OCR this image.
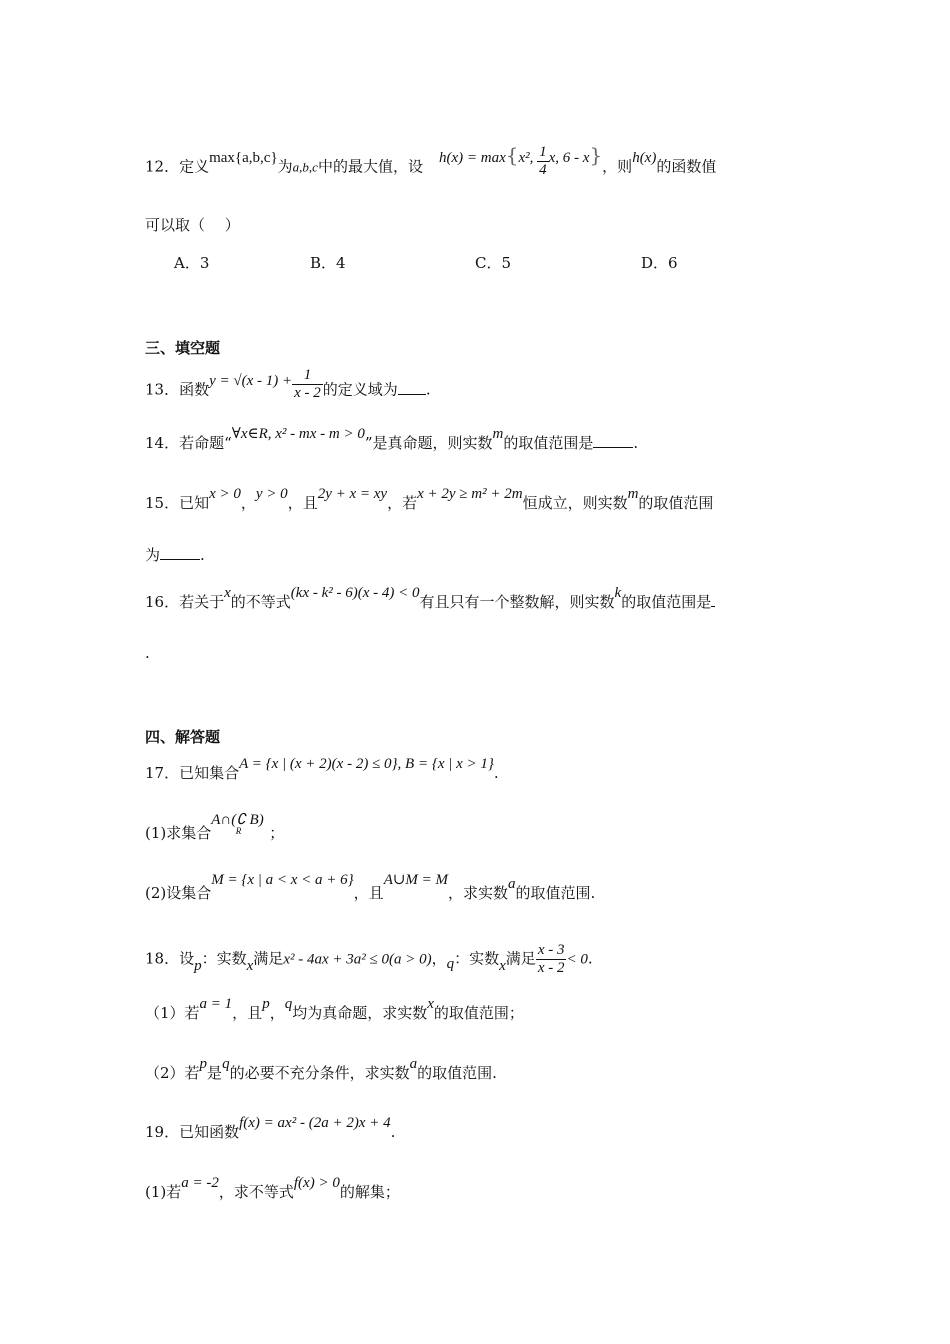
12．定义max{a,b,c}为a,b,c中的最大值，设 h(x) = max{x², $\frac{1}{4} x$, 6 - x}，则h(x)的函数值
可以取（　 ）
A．3	B．4	C．5	D．6
三、填空题
13．函数$y = √(x - 1) + \frac{1}{x - 2}$ 的定义域为 .
14．若命题“∀x∈R, x² - mx - m > 0”是真命题，则实数m的取值范围是	.
15．已知x > 0，y > 0，且2y + x = xy，若x + 2y ≥ m² + 2m恒成立，则实数m的取值范围
为	.
16．若关于x的不等式(kx - k² - 6)(x - 4) < 0有且只有一个整数解，则实数k的取值范围是
.
四、解答题
17．已知集合A = {x | (x + 2)(x - 2) ≤ 0}, B = {x | x > 1}.
(1)求集合A∩(∁ B)$^R$ ；
(2)设集合M = {x | a < x < a + 6}，且A∪M = M，求实数a的取值范围.
18．设p：实数x满足x² - 4ax + 3a² ≤ 0(a > 0)，q：实数x满足 $\frac{x - 3}{x - 2} < 0$.
（1）若a = 1，且p，q均为真命题，求实数x的取值范围；
（2）若p是q的必要不充分条件，求实数a的取值范围.
19．已知函数f(x) = ax² - (2a + 2)x + 4.
(1)若a = -2，求不等式f(x) > 0的解集；
